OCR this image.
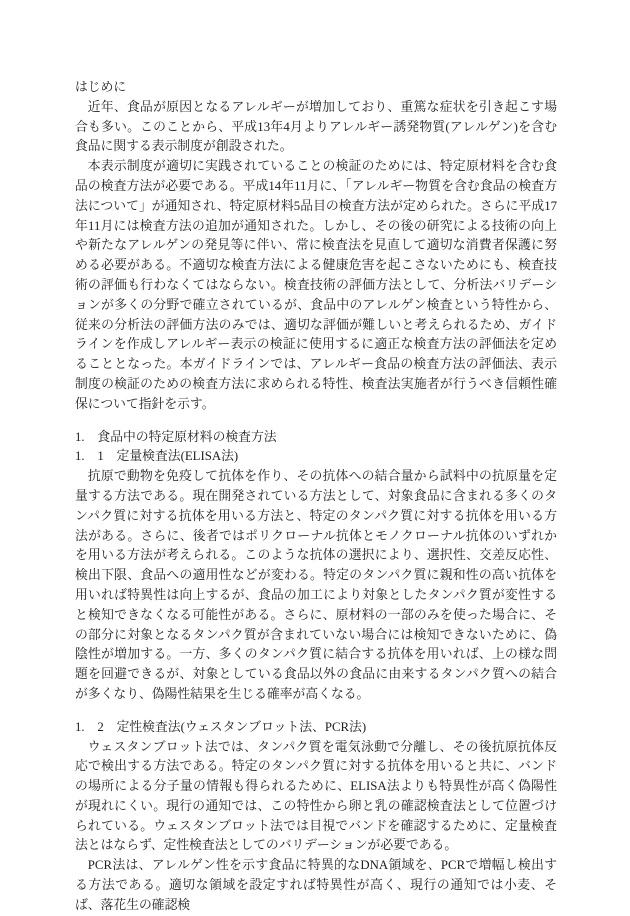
はじめに

近年、食品が原因となるアレルギーが増加しており、重篤な症状を引き起こす場合も多い。このことから、平成13年4月よりアレルギー誘発物質(アレルゲン)を含む食品に関する表示制度が創設された。

本表示制度が適切に実践されていることの検証のためには、特定原材料を含む食品の検査方法が必要である。平成14年11月に、「アレルギー物質を含む食品の検査方法について」が通知され、特定原材料5品目の検査方法が定められた。さらに平成17年11月には検査方法の追加が通知された。しかし、その後の研究による技術の向上や新たなアレルゲンの発見等に伴い、常に検査法を見直して適切な消費者保護に努める必要がある。不適切な検査方法による健康危害を起こさないためにも、検査技術の評価も行わなくてはならない。検査技術の評価方法として、分析法バリデーションが多くの分野で確立されているが、食品中のアレルゲン検査という特性から、従来の分析法の評価方法のみでは、適切な評価が難しいと考えられるため、ガイドラインを作成しアレルギー表示の検証に使用するに適正な検査方法の評価法を定めることとなった。本ガイドラインでは、アレルギー食品の検査方法の評価法、表示制度の検証のための検査方法に求められる特性、検査法実施者が行うべき信頼性確保について指針を示す。

1.　食品中の特定原材料の検査方法

1.　1　定量検査法(ELISA法)

抗原で動物を免疫して抗体を作り、その抗体への結合量から試料中の抗原量を定量する方法である。現在開発されている方法として、対象食品に含まれる多くのタンパク質に対する抗体を用いる方法と、特定のタンパク質に対する抗体を用いる方法がある。さらに、後者ではポリクローナル抗体とモノクローナル抗体のいずれかを用いる方法が考えられる。このような抗体の選択により、選択性、交差反応性、検出下限、食品への適用性などが変わる。特定のタンパク質に親和性の高い抗体を用いれば特異性は向上するが、食品の加工により対象としたタンパク質が変性すると検知できなくなる可能性がある。さらに、原材料の一部のみを使った場合に、その部分に対象となるタンパク質が含まれていない場合には検知できないために、偽陰性が増加する。一方、多くのタンパク質に結合する抗体を用いれば、上の様な問題を回避できるが、対象としている食品以外の食品に由来するタンパク質への結合が多くなり、偽陽性結果を生じる確率が高くなる。

1.　2　定性検査法(ウェスタンブロット法、PCR法)

ウェスタンブロット法では、タンパク質を電気泳動で分離し、その後抗原抗体反応で検出する方法である。特定のタンパク質に対する抗体を用いると共に、バンドの場所による分子量の情報も得られるために、ELISA法よりも特異性が高く偽陽性が現れにくい。現行の通知では、この特性から卵と乳の確認検査法として位置づけられている。ウェスタンブロット法では目視でバンドを確認するために、定量検査法とはならず、定性検査法としてのバリデーションが必要である。

PCR法は、アレルゲン性を示す食品に特異的なDNA領域を、PCRで増幅し検出する方法である。適切な領域を設定すれば特異性が高く、現行の通知では小麦、そば、落花生の確認検
